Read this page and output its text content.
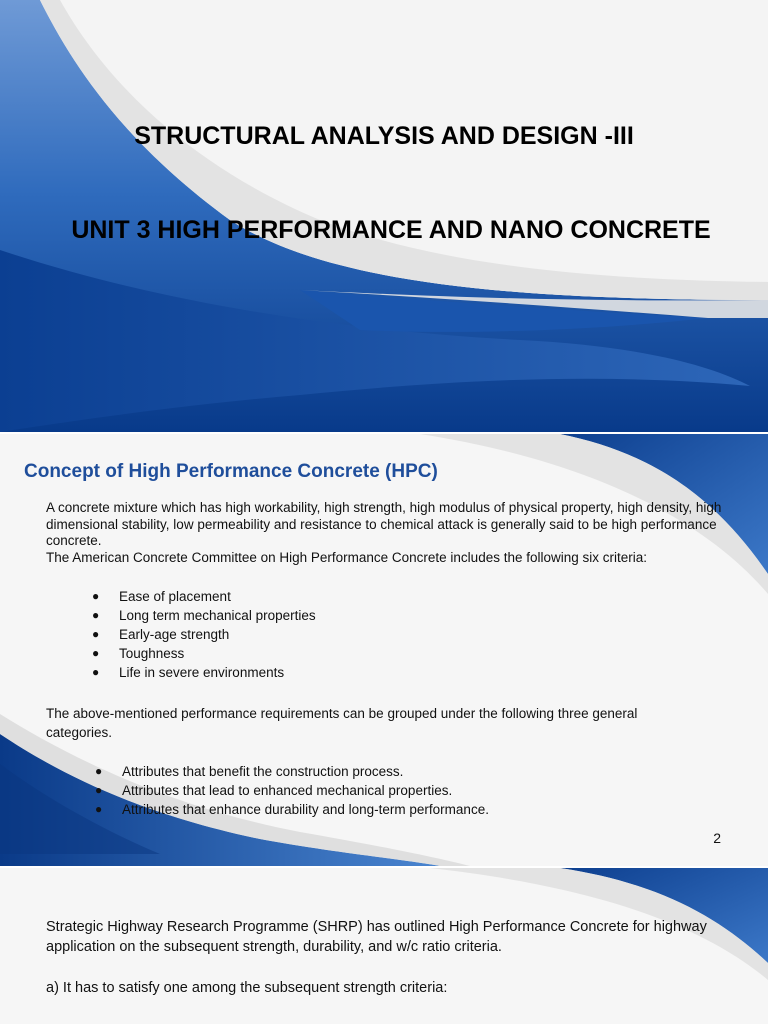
STRUCTURAL ANALYSIS AND DESIGN -III
UNIT 3 HIGH PERFORMANCE AND NANO CONCRETE
Concept of High Performance Concrete (HPC)
A concrete mixture which has high workability, high strength, high modulus of physical property, high density, high dimensional stability, low permeability and resistance to chemical attack is generally said to be high performance concrete.
The American Concrete Committee on High Performance Concrete includes the following six criteria:
● Ease of placement
● Long term mechanical properties
● Early-age strength
● Toughness
● Life in severe environments
The above-mentioned performance requirements can be grouped under the following three general categories.
● Attributes that benefit the construction process.
● Attributes that lead to enhanced mechanical properties.
● Attributes that enhance durability and long-term performance.
2
Strategic Highway Research Programme (SHRP) has outlined High Performance Concrete for highway application on the subsequent strength, durability, and w/c ratio criteria.
a) It has to satisfy one among the subsequent strength criteria:
